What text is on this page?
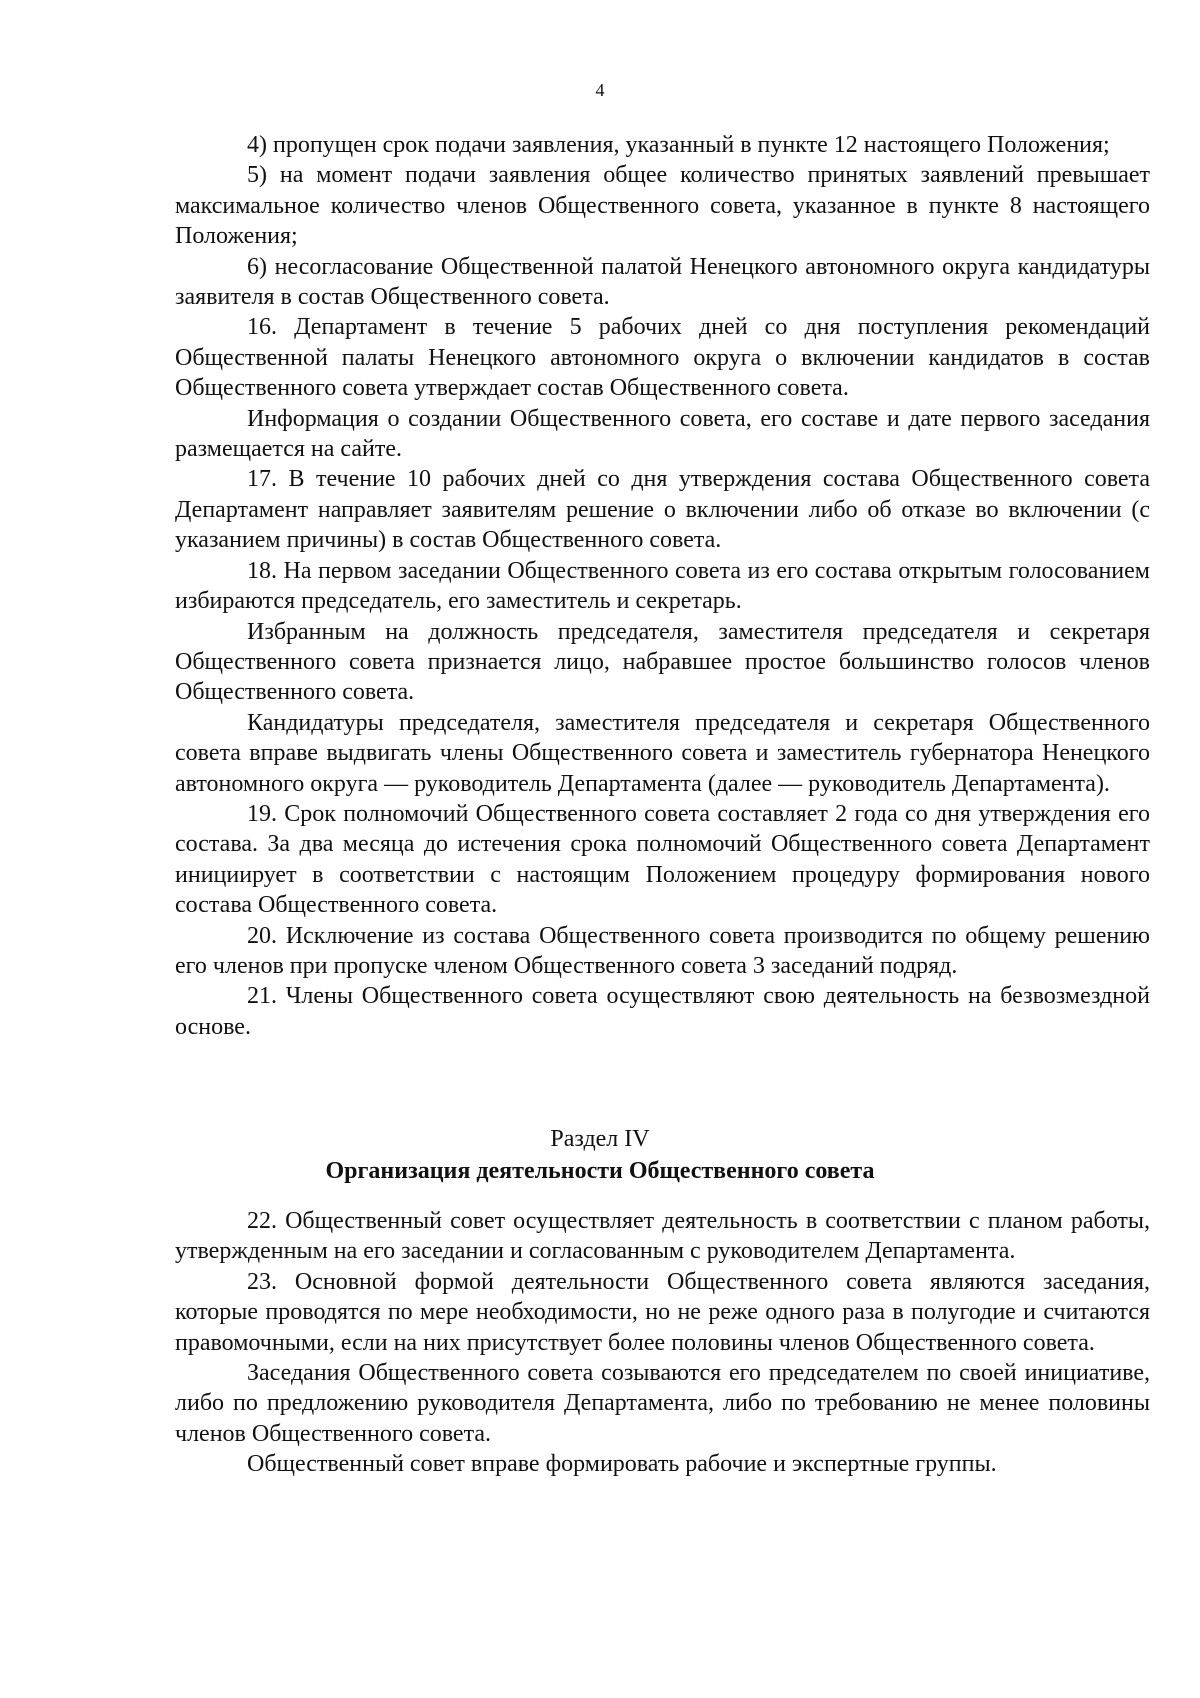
4

4) пропущен срок подачи заявления, указанный в пункте 12 настоящего Положения;

5) на момент подачи заявления общее количество принятых заявлений превышает максимальное количество членов Общественного совета, указанное в пункте 8 настоящего Положения;

6) несогласование Общественной палатой Ненецкого автономного округа кандидатуры заявителя в состав Общественного совета.

16. Департамент в течение 5 рабочих дней со дня поступления рекомендаций Общественной палаты Ненецкого автономного округа о включении кандидатов в состав Общественного совета утверждает состав Общественного совета.

Информация о создании Общественного совета, его составе и дате первого заседания размещается на сайте.

17. В течение 10 рабочих дней со дня утверждения состава Общественного совета Департамент направляет заявителям решение о включении либо об отказе во включении (с указанием причины) в состав Общественного совета.

18. На первом заседании Общественного совета из его состава открытым голосованием избираются председатель, его заместитель и секретарь.

Избранным на должность председателя, заместителя председателя и секретаря Общественного совета признается лицо, набравшее простое большинство голосов членов Общественного совета.

Кандидатуры председателя, заместителя председателя и секретаря Общественного совета вправе выдвигать члены Общественного совета и заместитель губернатора Ненецкого автономного округа — руководитель Департамента (далее — руководитель Департамента).

19. Срок полномочий Общественного совета составляет 2 года со дня утверждения его состава. За два месяца до истечения срока полномочий Общественного совета Департамент инициирует в соответствии с настоящим Положением процедуру формирования нового состава Общественного совета.

20. Исключение из состава Общественного совета производится по общему решению его членов при пропуске членом Общественного совета 3 заседаний подряд.

21. Члены Общественного совета осуществляют свою деятельность на безвозмездной основе.

Раздел IV
Организация деятельности Общественного совета

22. Общественный совет осуществляет деятельность в соответствии с планом работы, утвержденным на его заседании и согласованным с руководителем Департамента.

23. Основной формой деятельности Общественного совета являются заседания, которые проводятся по мере необходимости, но не реже одного раза в полугодие и считаются правомочными, если на них присутствует более половины членов Общественного совета.

Заседания Общественного совета созываются его председателем по своей инициативе, либо по предложению руководителя Департамента, либо по требованию не менее половины членов Общественного совета.

Общественный совет вправе формировать рабочие и экспертные группы.
